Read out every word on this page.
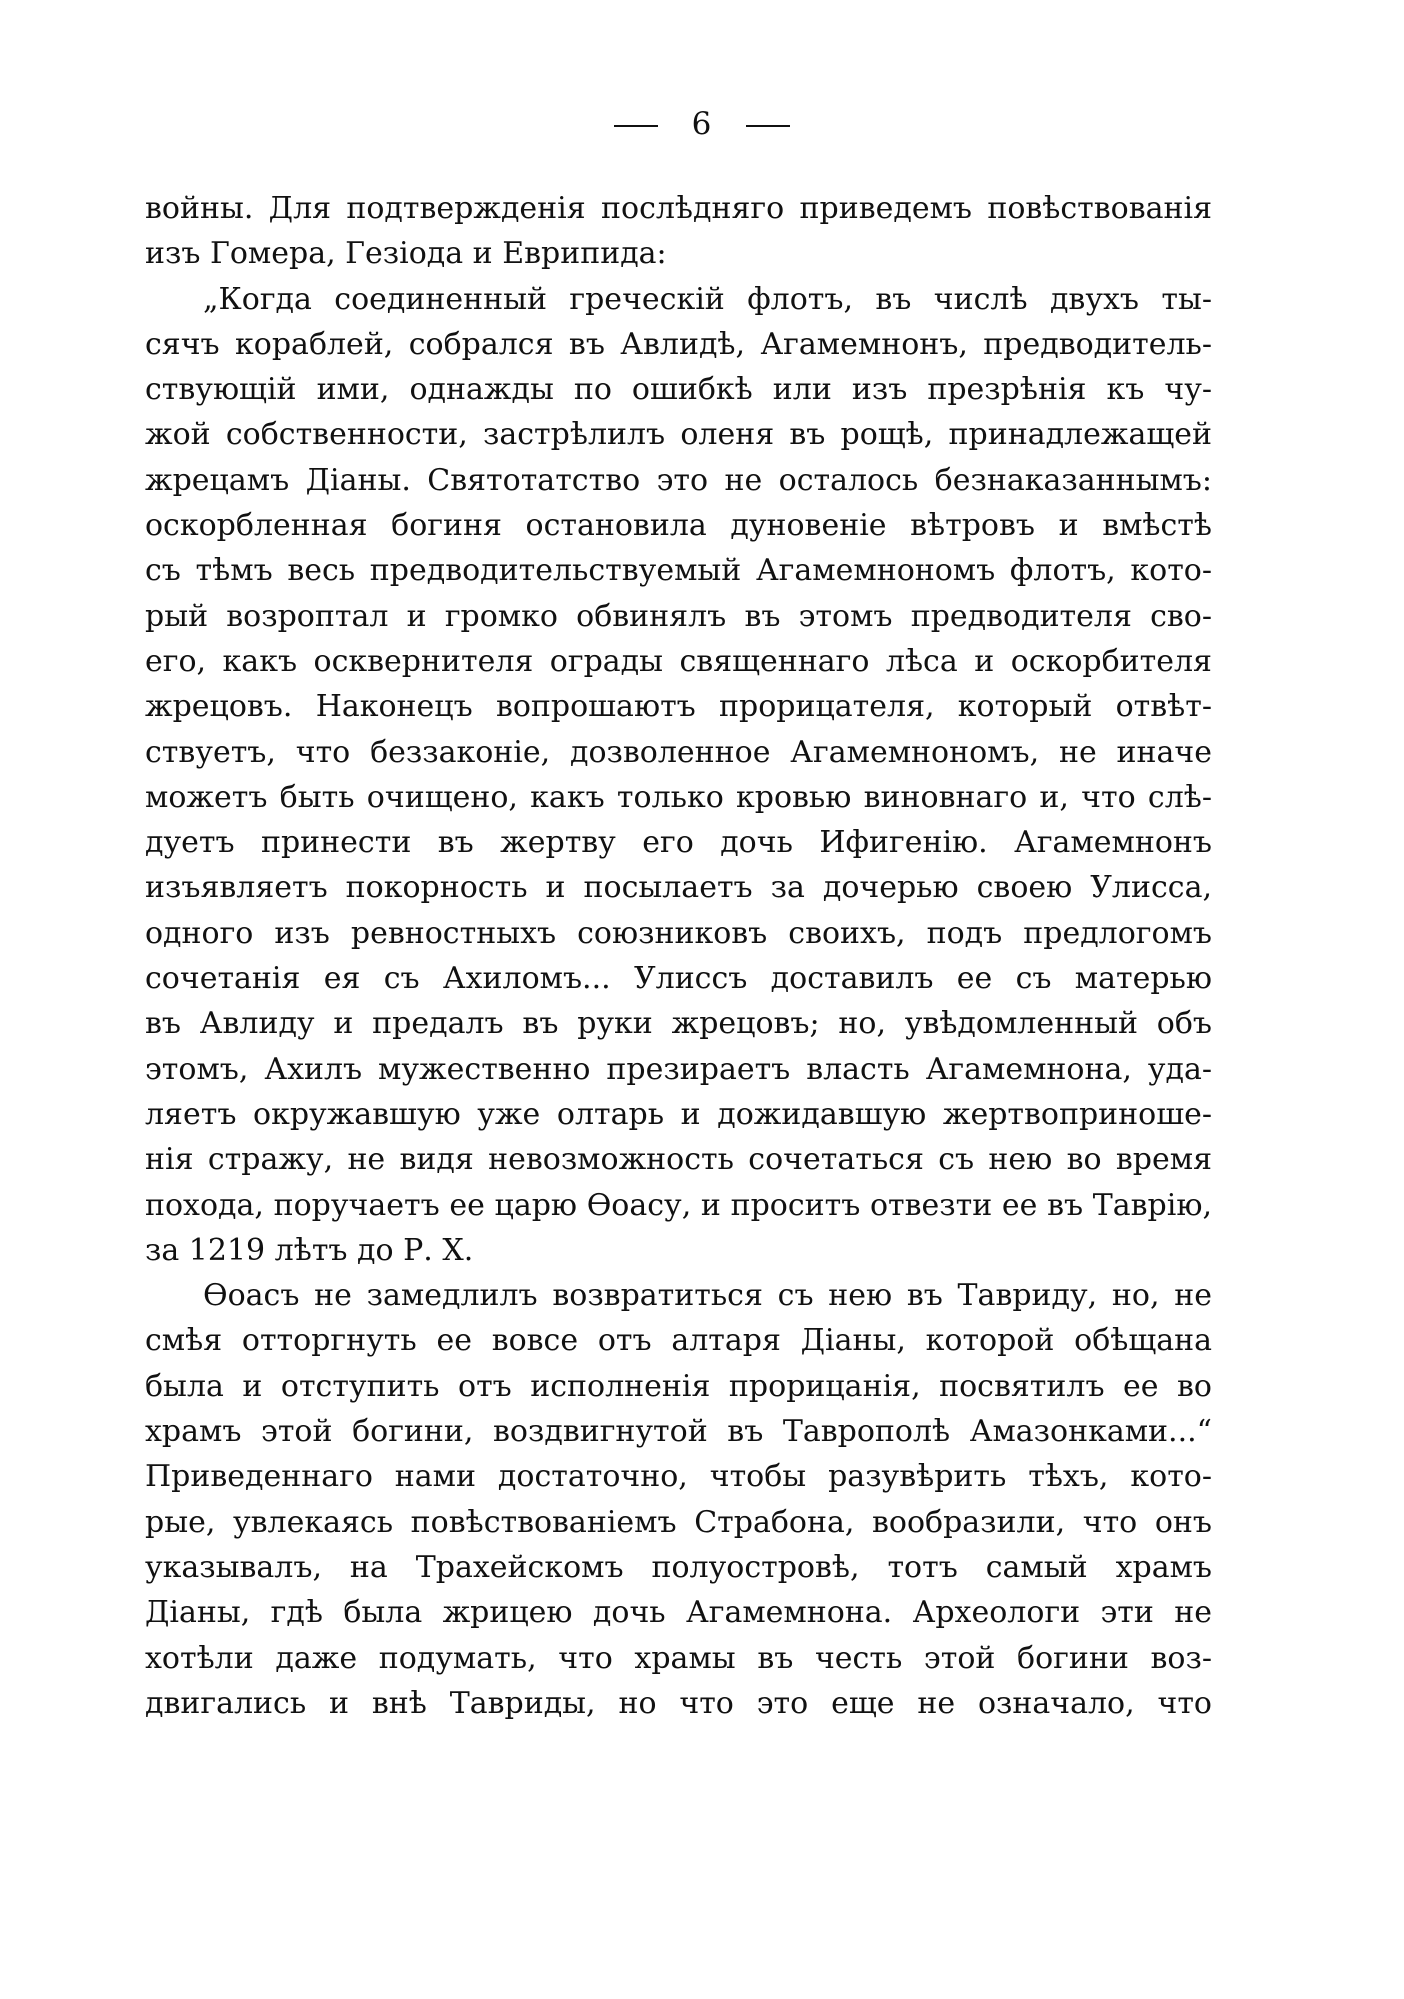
6
войны. Для подтвержденія послѣдняго приведемъ повѣствованія
изъ Гомера, Гезіода и Еврипида:
„Когда соединенный греческій флотъ, въ числѣ двухъ ты-
сячъ кораблей, собрался въ Авлидѣ, Агамемнонъ, предводитель-
ствующій ими, однажды по ошибкѣ или изъ презрѣнія къ чу-
жой собственности, застрѣлилъ оленя въ рощѣ, принадлежащей
жрецамъ Діаны. Святотатство это не осталось безнаказаннымъ:
оскорбленная богиня остановила дуновеніе вѣтровъ и вмѣстѣ
съ тѣмъ весь предводительствуемый Агамемнономъ флотъ, кото-
рый возроптал и громко обвинялъ въ этомъ предводителя сво-
его, какъ осквернителя ограды священнаго лѣса и оскорбителя
жрецовъ. Наконецъ вопрошаютъ прорицателя, который отвѣт-
ствуетъ, что беззаконіе, дозволенное Агамемнономъ, не иначе
можетъ быть очищено, какъ только кровью виновнаго и, что слѣ-
дуетъ принести въ жертву его дочь Ифигенію. Агамемнонъ
изъявляетъ покорность и посылаетъ за дочерью своею Улисса,
одного изъ ревностныхъ союзниковъ своихъ, подъ предлогомъ
сочетанія ея съ Ахиломъ... Улиссъ доставилъ ее съ матерью
въ Авлиду и предалъ въ руки жрецовъ; но, увѣдомленный объ
этомъ, Ахилъ мужественно презираетъ власть Агамемнона, уда-
ляетъ окружавшую уже олтарь и дожидавшую жертвоприноше-
нія стражу, не видя невозможность сочетаться съ нею во время
похода, поручаетъ ее царю Ѳоасу, и проситъ отвезти ее въ Таврію,
за 1219 лѣтъ до Р. Х.
Ѳоасъ не замедлилъ возвратиться съ нею въ Тавриду, но, не
смѣя отторгнуть ее вовсе отъ алтаря Діаны, которой обѣщана
была и отступить отъ исполненія прорицанія, посвятилъ ее во
храмъ этой богини, воздвигнутой въ Таврополѣ Амазонками...“
Приведеннаго нами достаточно, чтобы разувѣрить тѣхъ, кото-
рые, увлекаясь повѣствованіемъ Страбона, вообразили, что онъ
указывалъ, на Трахейскомъ полуостровѣ, тотъ самый храмъ
Діаны, гдѣ была жрицею дочь Агамемнона. Археологи эти не
хотѣли даже подумать, что храмы въ честь этой богини воз-
двигались и внѣ Тавриды, но что это еще не означало, что
